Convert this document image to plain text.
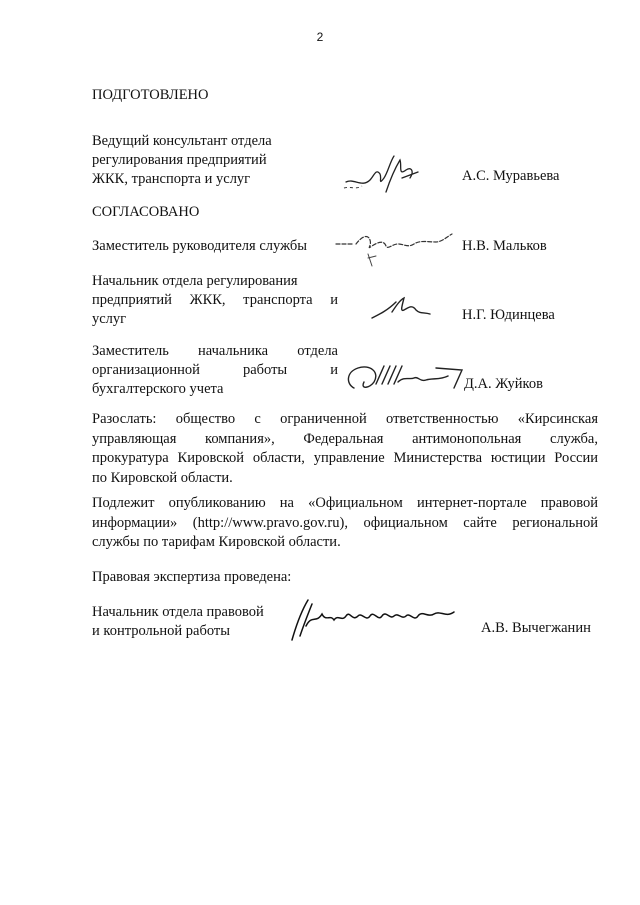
2
ПОДГОТОВЛЕНО
Ведущий консультант отдела
регулирования предприятий
ЖКК, транспорта и услуг	А.С. Муравьева
СОГЛАСОВАНО
Заместитель руководителя службы	Н.В. Мальков
Начальник отдела регулирования
предприятий ЖКК, транспорта и
услуг	Н.Г. Юдинцева
Заместитель начальника отдела
организационной работы и
бухгалтерского учета	Д.А. Жуйков
Разослать: общество с ограниченной ответственностью «Кирсинская
управляющая компания», Федеральная антимонопольная служба,
прокуратура Кировской области, управление Министерства юстиции России
по Кировской области.
Подлежит опубликованию на «Официальном интернет-портале правовой
информации» (http://www.pravo.gov.ru), официальном сайте региональной
службы по тарифам Кировской области.
Правовая экспертиза проведена:
Начальник отдела правовой
и контрольной работы	А.В. Вычегжанин
